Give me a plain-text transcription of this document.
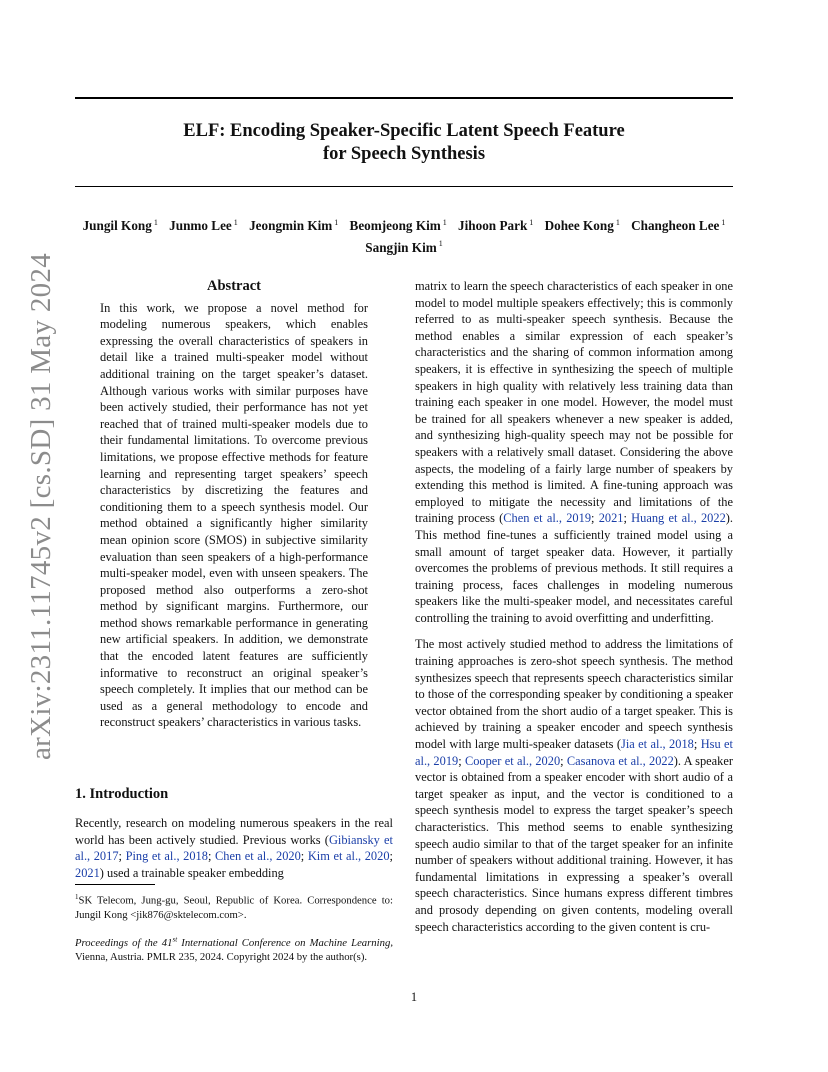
arXiv:2311.11745v2 [cs.SD] 31 May 2024
ELF: Encoding Speaker-Specific Latent Speech Feature
for Speech Synthesis
Jungil Kong $^1$ Junmo Lee $^1$ Jeongmin Kim $^1$ Beomjeong Kim $^1$ Jihoon Park $^1$ Dohee Kong $^1$ Changheon Lee $^1$
Sangjin Kim $^1$
Abstract

In this work, we propose a novel method for modeling numerous speakers, which enables expressing the overall characteristics of speakers in detail like a trained multi-speaker model without additional training on the target speaker’s dataset. Although various works with similar purposes have been actively studied, their performance has not yet reached that of trained multi-speaker models due to their fundamental limitations. To overcome previous limitations, we propose effective methods for feature learning and representing target speakers’ speech characteristics by discretizing the features and conditioning them to a speech synthesis model. Our method obtained a significantly higher similarity mean opinion score (SMOS) in subjective similarity evaluation than seen speakers of a high-performance multi-speaker model, even with unseen speakers. The proposed method also outperforms a zero-shot method by significant margins. Furthermore, our method shows remarkable performance in generating new artificial speakers. In addition, we demonstrate that the encoded latent features are sufficiently informative to reconstruct an original speaker’s speech completely. It implies that our method can be used as a general methodology to encode and reconstruct speakers’ characteristics in various tasks.

1. Introduction

Recently, research on modeling numerous speakers in the real world has been actively studied. Previous works (Gibiansky et al., 2017; Ping et al., 2018; Chen et al., 2020; Kim et al., 2020; 2021) used a trainable speaker embedding

$^1$SK Telecom, Jung-gu, Seoul, Republic of Korea. Correspondence to: Jungil Kong <jik876@sktelecom.com>.
Proceedings of the 41st International Conference on Machine Learning, Vienna, Austria. PMLR 235, 2024. Copyright 2024 by the author(s).

matrix to learn the speech characteristics of each speaker in one model to model multiple speakers effectively; this is commonly referred to as multi-speaker speech synthesis. Because the method enables a similar expression of each speaker’s characteristics and the sharing of common information among speakers, it is effective in synthesizing the speech of multiple speakers in high quality with relatively less training data than training each speaker in one model. However, the model must be trained for all speakers whenever a new speaker is added, and synthesizing high-quality speech may not be possible for speakers with a relatively small dataset. Considering the above aspects, the modeling of a fairly large number of speakers by extending this method is limited. A fine-tuning approach was employed to mitigate the necessity and limitations of the training process (Chen et al., 2019; 2021; Huang et al., 2022). This method fine-tunes a sufficiently trained model using a small amount of target speaker data. However, it partially overcomes the problems of previous methods. It still requires a training process, faces challenges in modeling numerous speakers like the multi-speaker model, and necessitates careful controlling the training to avoid overfitting and underfitting.

The most actively studied method to address the limitations of training approaches is zero-shot speech synthesis. The method synthesizes speech that represents speech characteristics similar to those of the corresponding speaker by conditioning a speaker vector obtained from the short audio of a target speaker. This is achieved by training a speaker encoder and speech synthesis model with large multi-speaker datasets (Jia et al., 2018; Hsu et al., 2019; Cooper et al., 2020; Casanova et al., 2022). A speaker vector is obtained from a speaker encoder with short audio of a target speaker as input, and the vector is conditioned to a speech synthesis model to express the target speaker’s speech characteristics. This method seems to enable synthesizing speech audio similar to that of the target speaker for an infinite number of speakers without additional training. However, it has fundamental limitations in expressing a speaker’s overall speech characteristics. Since humans express different timbres and prosody depending on given contents, modeling overall speech characteristics according to the given content is cru-

1
